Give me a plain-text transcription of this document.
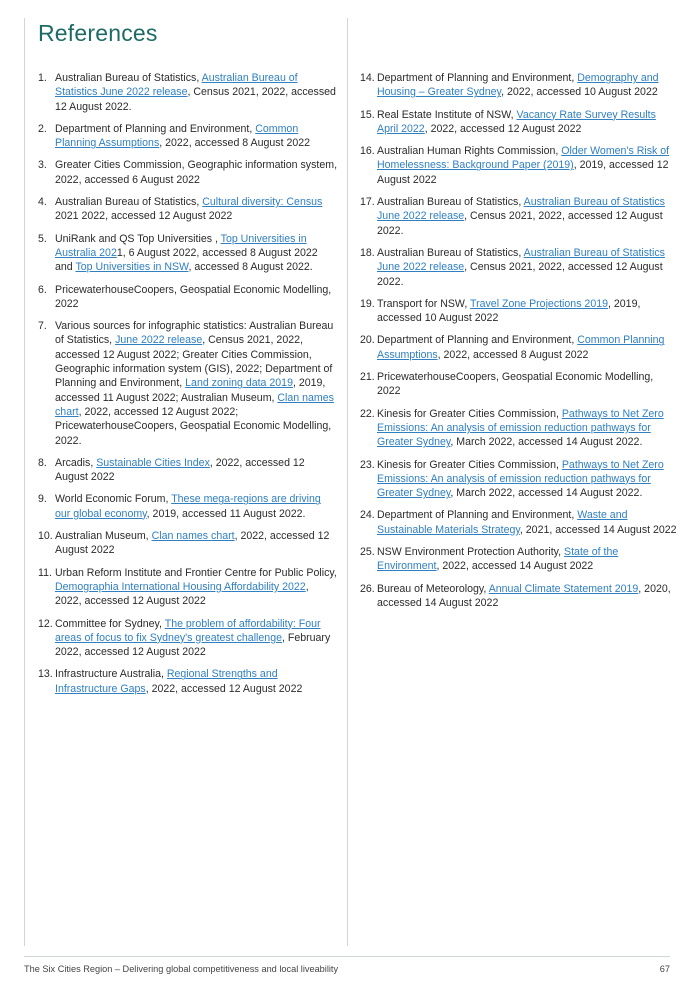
References
1. Australian Bureau of Statistics, Australian Bureau of Statistics June 2022 release, Census 2021, 2022, accessed 12 August 2022.
2. Department of Planning and Environment, Common Planning Assumptions, 2022, accessed 8 August 2022
3. Greater Cities Commission, Geographic information system, 2022, accessed 6 August 2022
4. Australian Bureau of Statistics, Cultural diversity: Census 2021 2022, accessed 12 August 2022
5. UniRank and QS Top Universities , Top Universities in Australia 2021, 6 August 2022, accessed 8 August 2022 and Top Universities in NSW, accessed 8 August 2022.
6. PricewaterhouseCoopers, Geospatial Economic Modelling, 2022
7. Various sources for infographic statistics: Australian Bureau of Statistics, June 2022 release, Census 2021, 2022, accessed 12 August 2022; Greater Cities Commission, Geographic information system (GIS), 2022; Department of Planning and Environment, Land zoning data 2019, 2019, accessed 11 August 2022; Australian Museum, Clan names chart, 2022, accessed 12 August 2022; PricewaterhouseCoopers, Geospatial Economic Modelling, 2022.
8. Arcadis, Sustainable Cities Index, 2022, accessed 12 August 2022
9. World Economic Forum, These mega-regions are driving our global economy, 2019, accessed 11 August 2022.
10. Australian Museum, Clan names chart, 2022, accessed 12 August 2022
11. Urban Reform Institute and Frontier Centre for Public Policy, Demographia International Housing Affordability 2022, 2022, accessed 12 August 2022
12. Committee for Sydney, The problem of affordability: Four areas of focus to fix Sydney's greatest challenge, February 2022, accessed 12 August 2022
13. Infrastructure Australia, Regional Strengths and Infrastructure Gaps, 2022, accessed 12 August 2022
14. Department of Planning and Environment, Demography and Housing – Greater Sydney, 2022, accessed 10 August 2022
15. Real Estate Institute of NSW, Vacancy Rate Survey Results April 2022, 2022, accessed 12 August 2022
16. Australian Human Rights Commission, Older Women's Risk of Homelessness: Background Paper (2019), 2019, accessed 12 August 2022
17. Australian Bureau of Statistics, Australian Bureau of Statistics June 2022 release, Census 2021, 2022, accessed 12 August 2022.
18. Australian Bureau of Statistics, Australian Bureau of Statistics June 2022 release, Census 2021, 2022, accessed 12 August 2022.
19. Transport for NSW, Travel Zone Projections 2019, 2019, accessed 10 August 2022
20. Department of Planning and Environment, Common Planning Assumptions, 2022, accessed 8 August 2022
21. PricewaterhouseCoopers, Geospatial Economic Modelling, 2022
22. Kinesis for Greater Cities Commission, Pathways to Net Zero Emissions: An analysis of emission reduction pathways for Greater Sydney, March 2022, accessed 14 August 2022.
23. Kinesis for Greater Cities Commission, Pathways to Net Zero Emissions: An analysis of emission reduction pathways for Greater Sydney, March 2022, accessed 14 August 2022.
24. Department of Planning and Environment, Waste and Sustainable Materials Strategy, 2021, accessed 14 August 2022
25. NSW Environment Protection Authority, State of the Environment, 2022, accessed 14 August 2022
26. Bureau of Meteorology, Annual Climate Statement 2019, 2020, accessed 14 August 2022
The Six Cities Region – Delivering global competitiveness and local liveability	67
